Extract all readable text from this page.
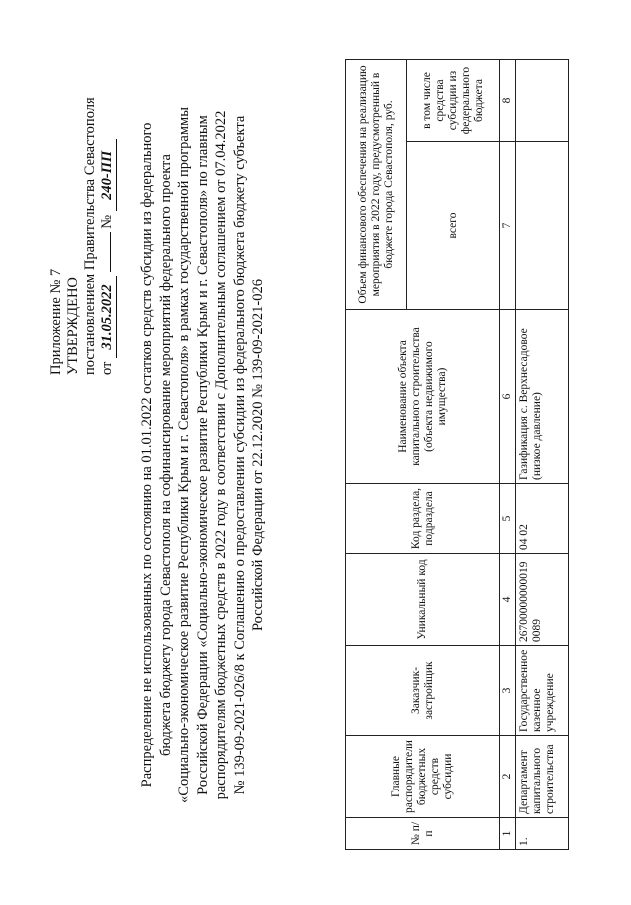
Приложение № 7 УТВЕРЖДЕНО постановлением Правительства Севастополя от 31.05.2022  № 240-ПП Распределение не использованных по состоянию на 01.01.2022 остатков средств субсидии из федерального бюджета бюджету города Севастополя на софинансирование мероприятий федерального проекта «Социально-экономическое развитие Республики Крым и г. Севастополя» в рамках государственной программы Российской Федерации «Социально-экономическое развитие Республики Крым и г. Севастополя» по главным распорядителям бюджетных средств в 2022 году в соответствии с Дополнительным соглашением от 07.04.2022 № 139-09-2021-026/8 к Соглашению о предоставлении субсидии из федерального бюджета бюджету субъекта Российской Федерации от 22.12.2020 № 139-09-2021-026
№ п/п	Главные распорядители бюджетных средств субсидии	Заказчик-застройщик	Уникальный код	Код раздела, подраздела	Наименование объекта капитального строительства (объекта недвижимого имущества)	Объем финансового обеспечения на реализацию мероприятия в 2022 году, предусмотренный в бюджете города Севастополя, руб.	
						всего	в том числе средства субсидии из федерального бюджета
1	2	3	4	5	6	7	8
1.	Департамент капитального строительства	Государственное казенное учреждение	267000000000190089	04 02	Газификация с. Верхнесадовое (низкое давление)		
